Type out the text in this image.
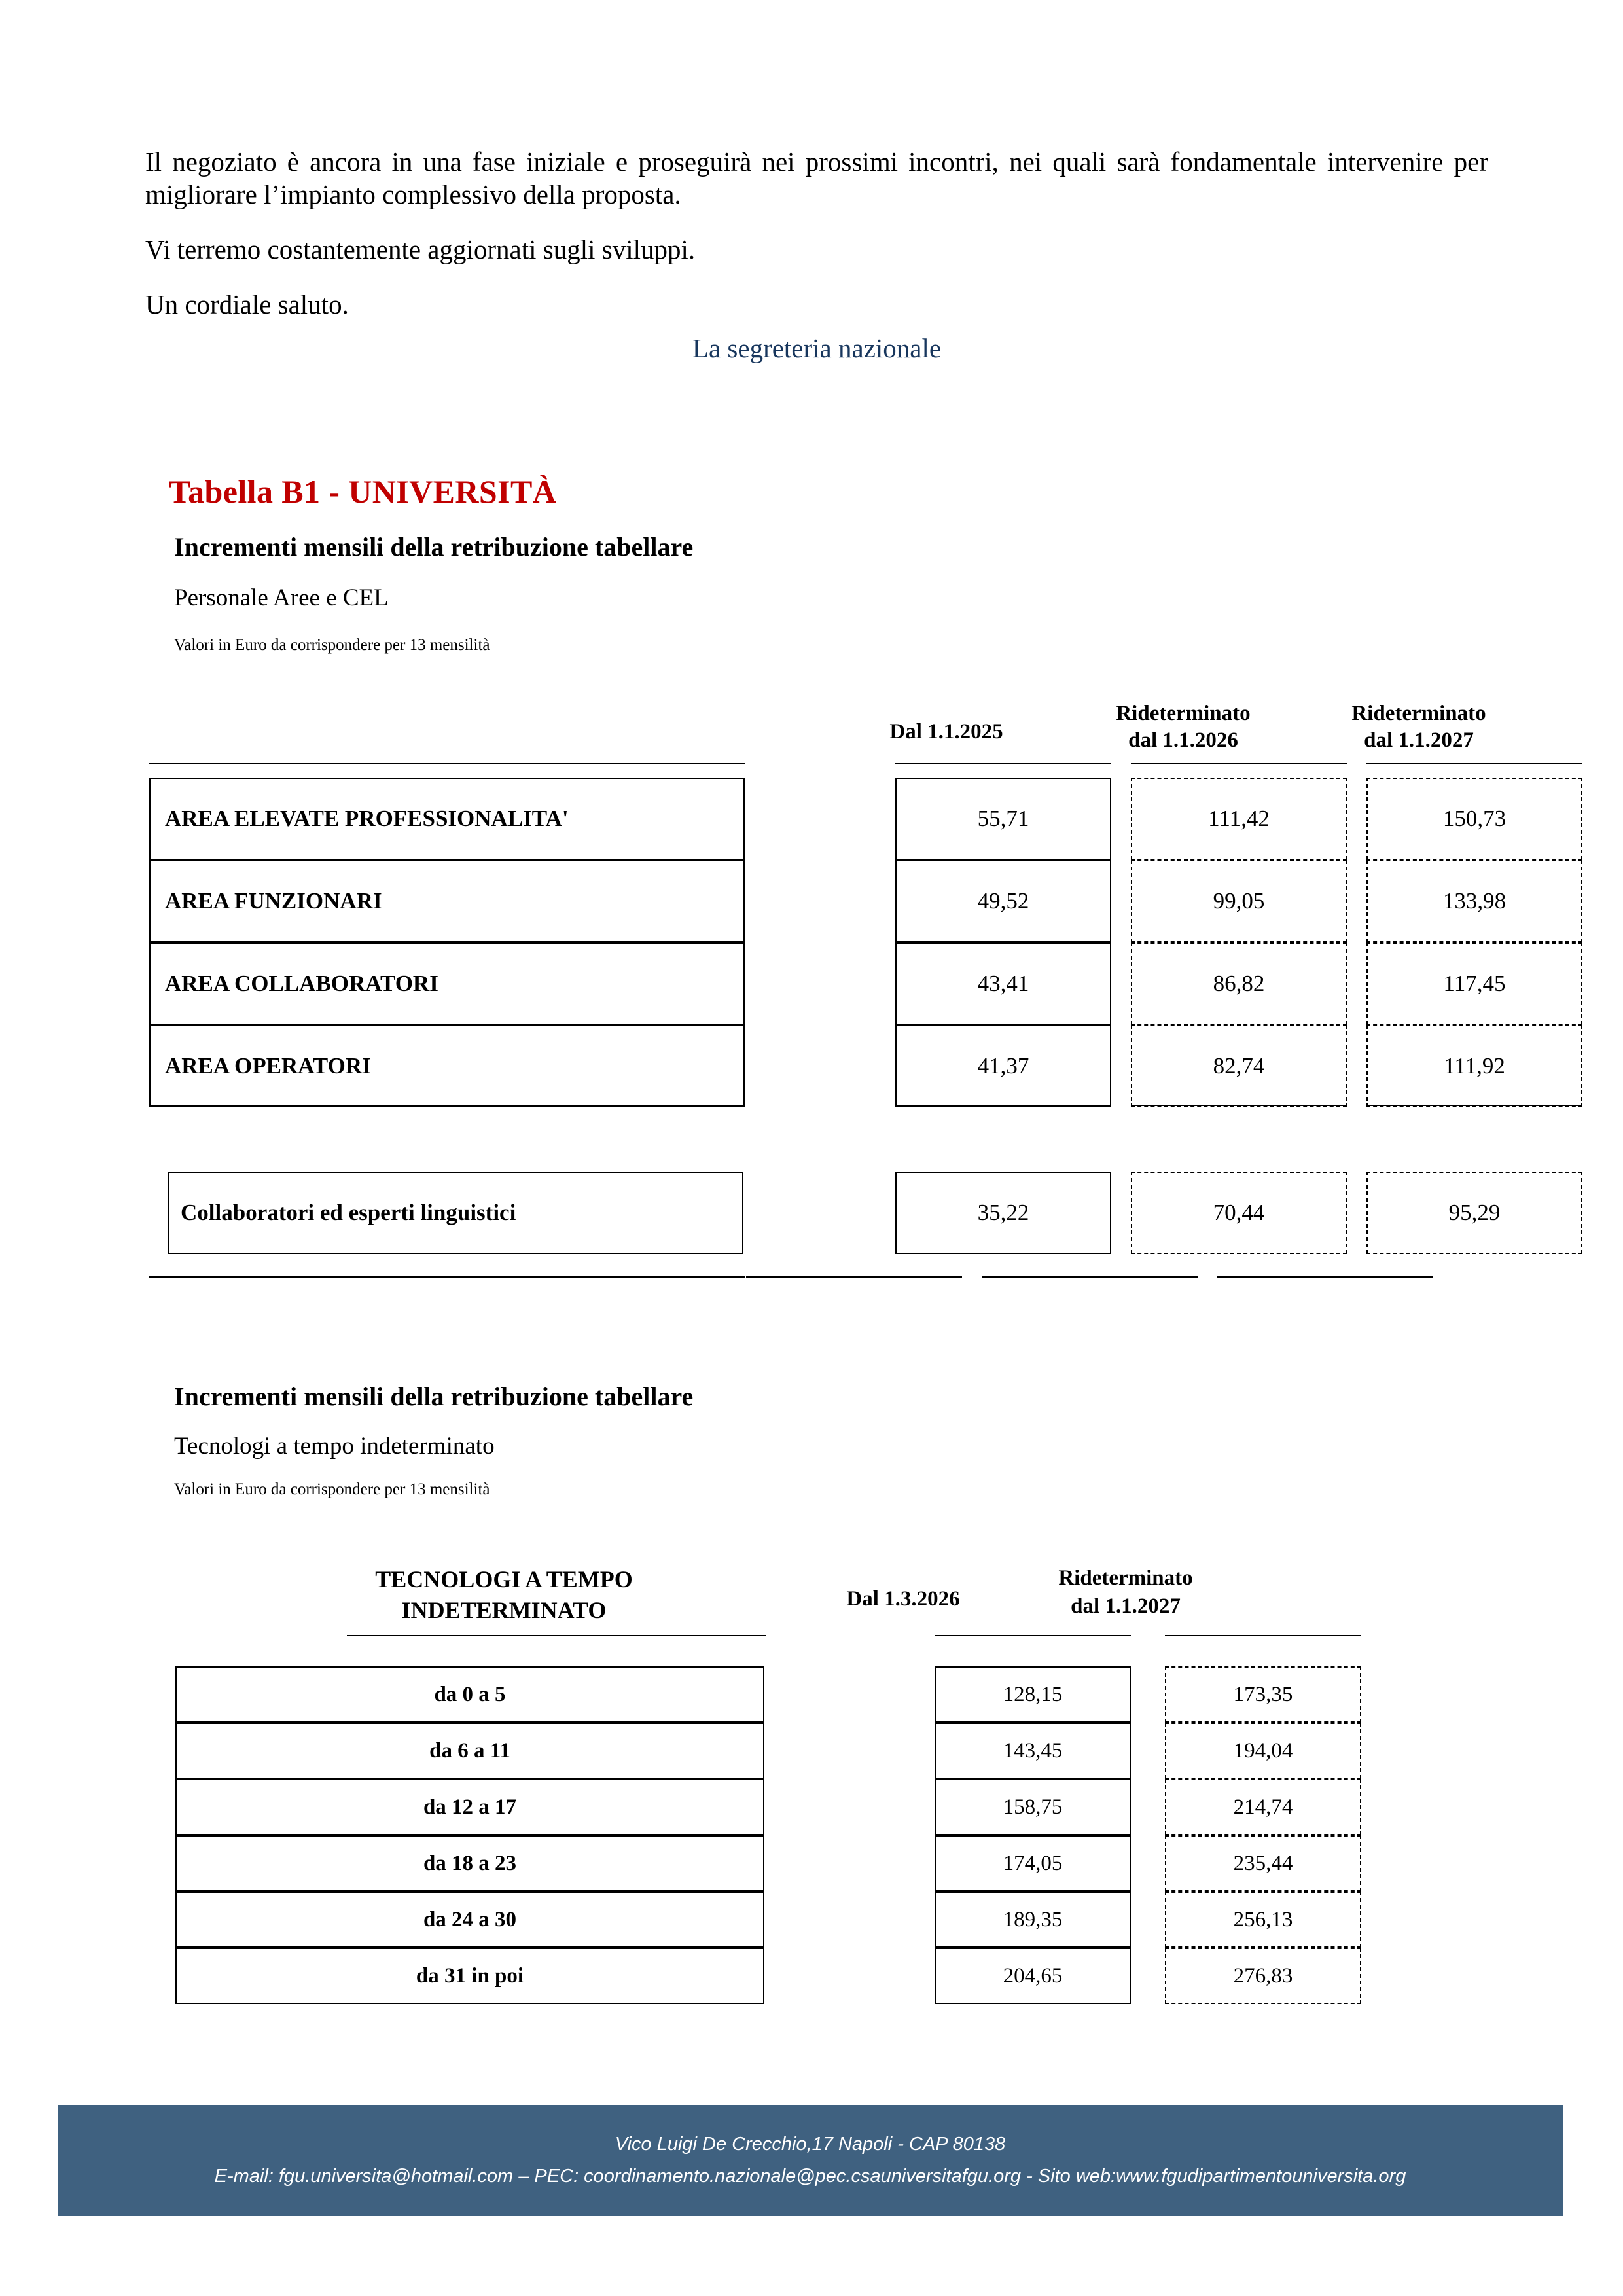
Il negoziato è ancora in una fase iniziale e proseguirà nei prossimi incontri, nei quali sarà fondamentale intervenire per migliorare l’impianto complessivo della proposta.

Vi terremo costantemente aggiornati sugli sviluppi.

Un cordiale saluto.

La segreteria nazionale
Tabella B1 - UNIVERSITÀ
Incrementi mensili della retribuzione tabellare
Personale Aree e CEL
Valori in Euro da corrispondere per 13 mensilità
Dal 1.1.2025
Rideterminato
dal 1.1.2026
Rideterminato
dal 1.1.2027
AREA ELEVATE PROFESSIONALITA'	55,71	111,42	150,73
AREA FUNZIONARI	49,52	99,05	133,98
AREA COLLABORATORI	43,41	86,82	117,45
AREA OPERATORI	41,37	82,74	111,92
Collaboratori ed esperti linguistici	35,22	70,44	95,29
Incrementi mensili della retribuzione tabellare
Tecnologi a tempo indeterminato
Valori in Euro da corrispondere per 13 mensilità
TECNOLOGI A TEMPO
INDETERMINATO	Dal 1.3.2026
Rideterminato
dal 1.1.2027
da 0 a 5	128,15	173,35
da 6 a 11	143,45	194,04
da 12 a 17	158,75	214,74
da 18 a 23	174,05	235,44
da 24 a 30	189,35	256,13
da 31 in poi	204,65	276,83
Vico Luigi De Crecchio,17 Napoli - CAP 80138
E-mail: fgu.universita@hotmail.com – PEC: coordinamento.nazionale@pec.csauniversitafgu.org - Sito web:www.fgudipartimentouniversita.org
